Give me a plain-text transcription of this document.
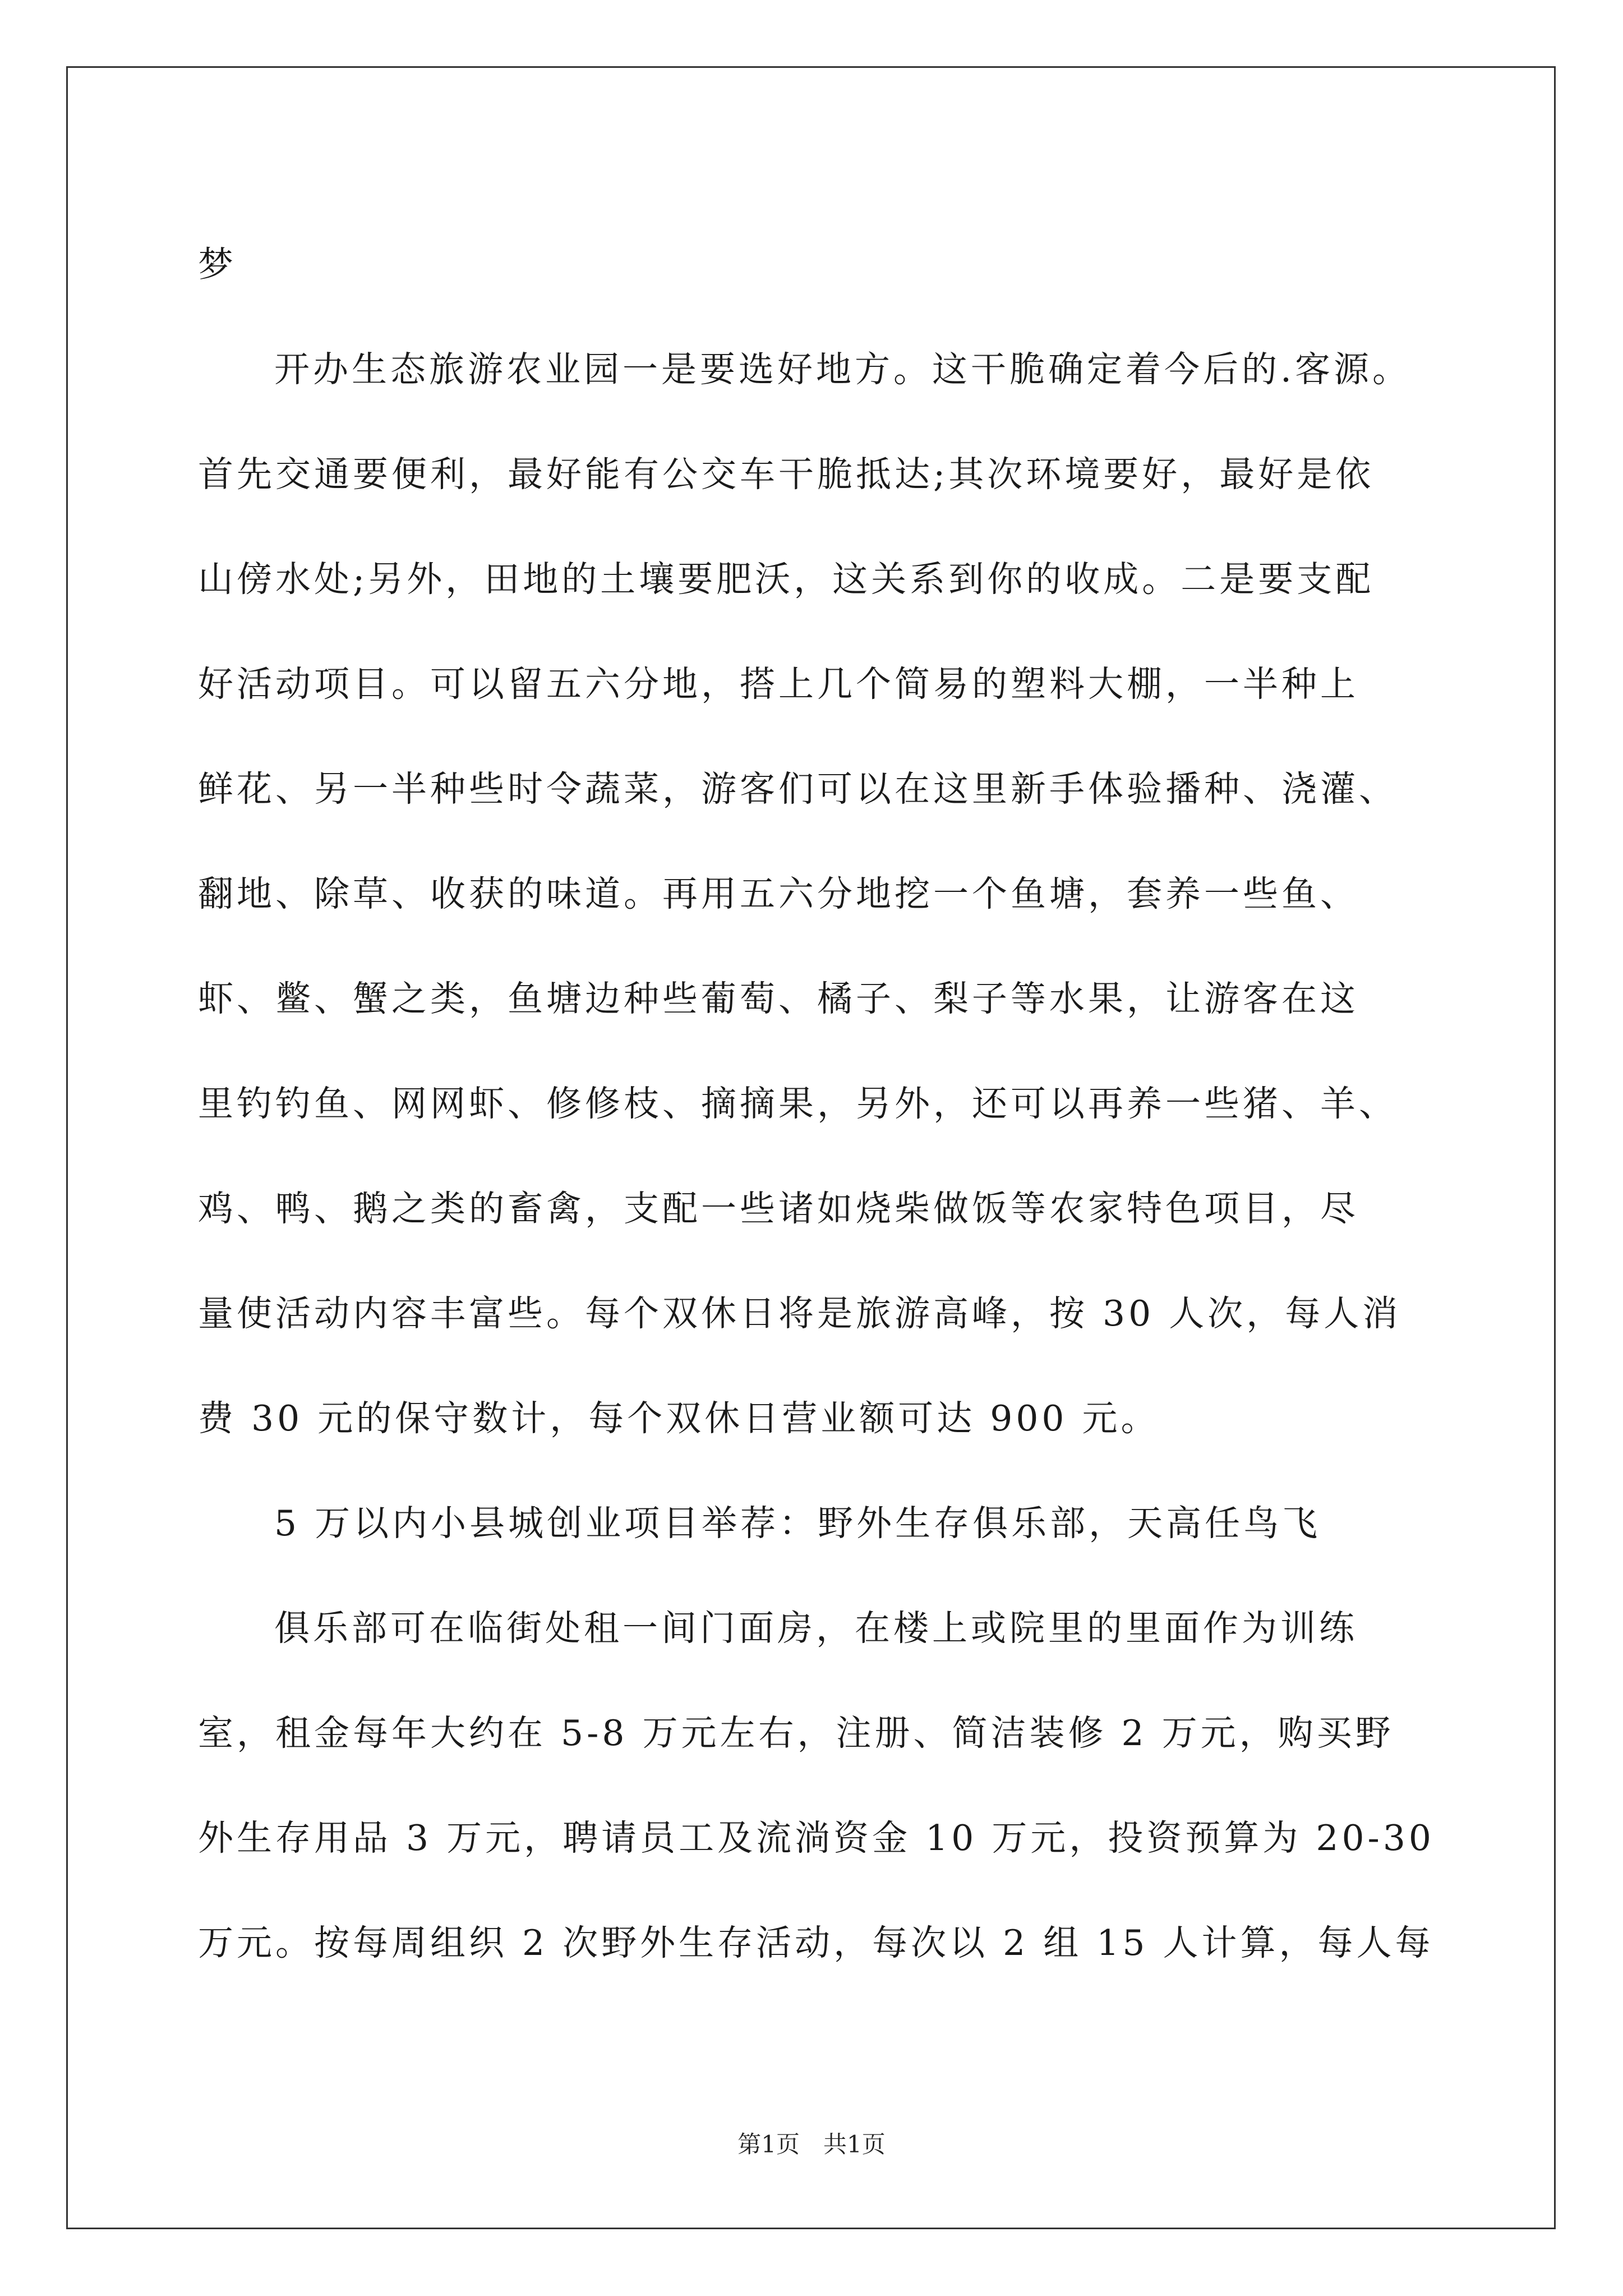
梦
开办生态旅游农业园一是要选好地方。这干脆确定着今后的.客源。
首先交通要便利，最好能有公交车干脆抵达;其次环境要好，最好是依
山傍水处;另外，田地的土壤要肥沃，这关系到你的收成。二是要支配
好活动项目。可以留五六分地，搭上几个简易的塑料大棚，一半种上
鲜花、另一半种些时令蔬菜，游客们可以在这里新手体验播种、浇灌、
翻地、除草、收获的味道。再用五六分地挖一个鱼塘，套养一些鱼、
虾、鳖、蟹之类，鱼塘边种些葡萄、橘子、梨子等水果，让游客在这
里钓钓鱼、网网虾、修修枝、摘摘果，另外，还可以再养一些猪、羊、
鸡、鸭、鹅之类的畜禽，支配一些诸如烧柴做饭等农家特色项目，尽
量使活动内容丰富些。每个双休日将是旅游高峰，按 30 人次，每人消
费 30 元的保守数计，每个双休日营业额可达 900 元。
5 万以内小县城创业项目举荐：野外生存俱乐部，天高任鸟飞
俱乐部可在临街处租一间门面房，在楼上或院里的里面作为训练
室，租金每年大约在 5-8 万元左右，注册、简洁装修 2 万元，购买野
外生存用品 3 万元，聘请员工及流淌资金 10 万元，投资预算为 20-30
万元。按每周组织 2 次野外生存活动，每次以 2 组 15 人计算，每人每
第1页 共1页
